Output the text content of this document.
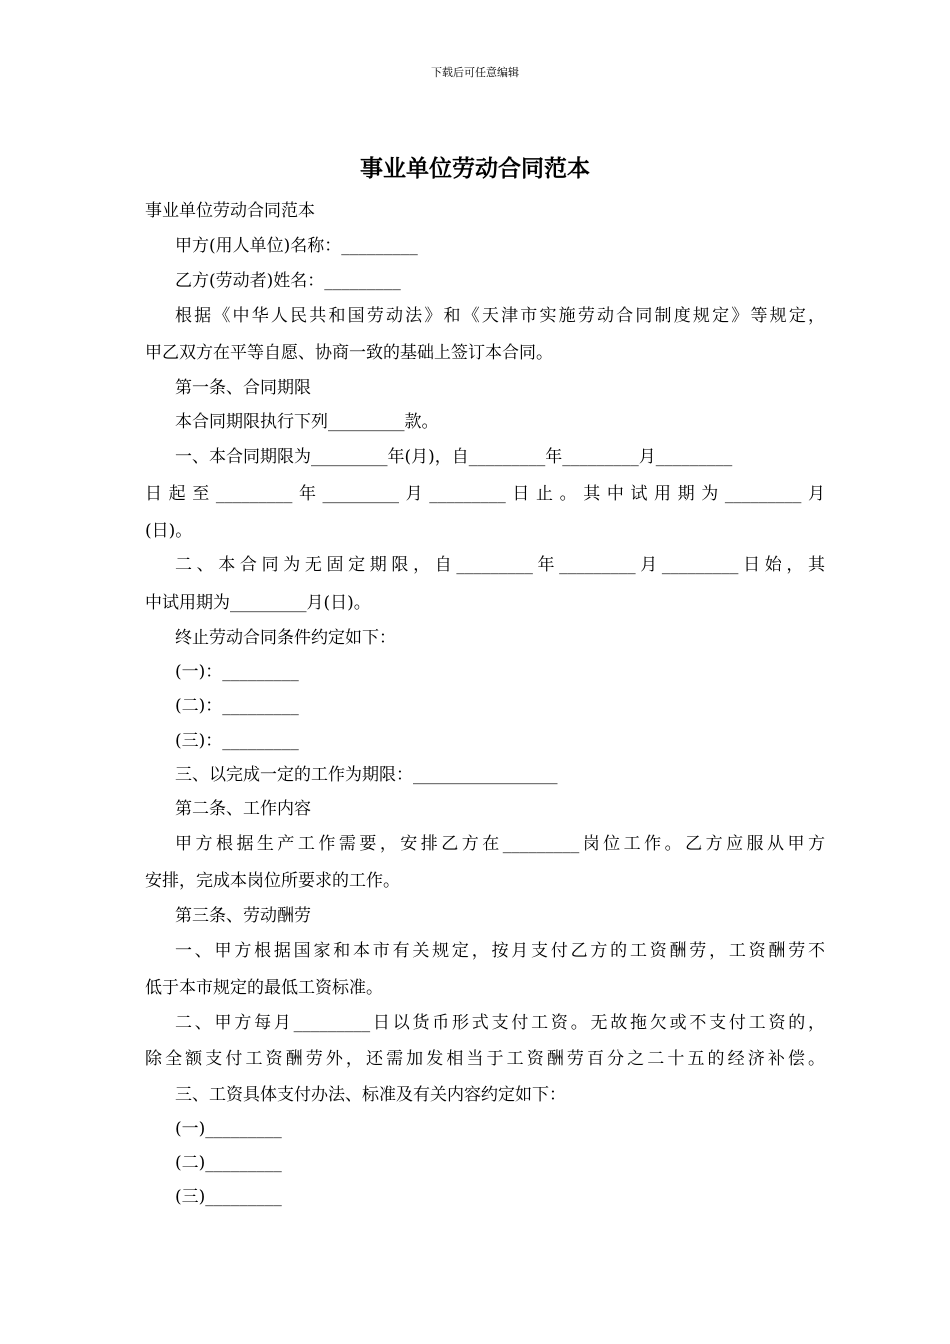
下载后可任意编辑
事业单位劳动合同范本
事业单位劳动合同范本
甲方(用人单位)名称：_________
乙方(劳动者)姓名：_________
根据《中华人民共和国劳动法》和《天津市实施劳动合同制度规定》等规定，
甲乙双方在平等自愿、协商一致的基础上签订本合同。
第一条、合同期限
本合同期限执行下列_________款。
一、本合同期限为_________年(月)，自_________年_________月_________
日起至_________年_________月_________日止。其中试用期为_________月
(日)。
二、本合同为无固定期限，自_________年_________月_________日始，其
中试用期为_________月(日)。
终止劳动合同条件约定如下：
(一)：_________
(二)：_________
(三)：_________
三、以完成一定的工作为期限：_________________
第二条、工作内容
甲方根据生产工作需要，安排乙方在_________岗位工作。乙方应服从甲方
安排，完成本岗位所要求的工作。
第三条、劳动酬劳
一、甲方根据国家和本市有关规定，按月支付乙方的工资酬劳，工资酬劳不
低于本市规定的最低工资标准。
二、甲方每月_________日以货币形式支付工资。无故拖欠或不支付工资的，
除全额支付工资酬劳外，还需加发相当于工资酬劳百分之二十五的经济补偿。
三、工资具体支付办法、标准及有关内容约定如下：
(一)_________
(二)_________
(三)_________
